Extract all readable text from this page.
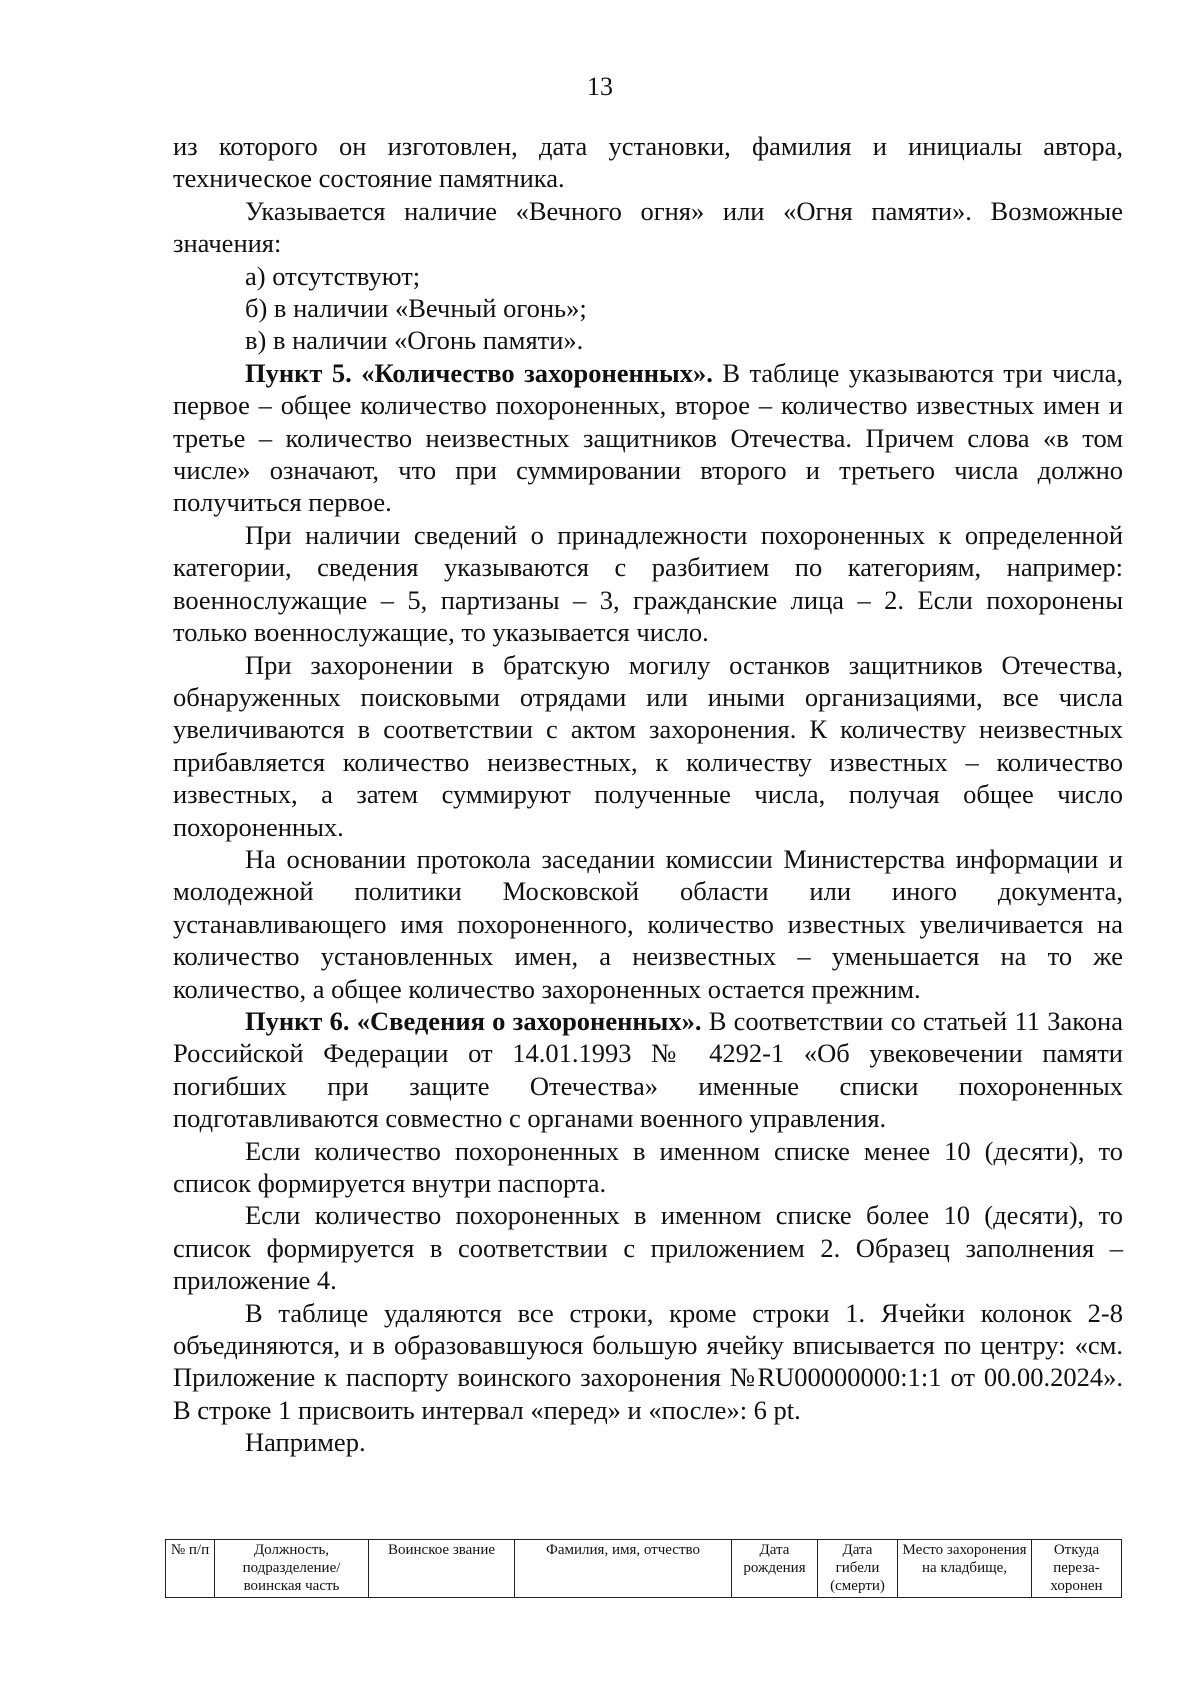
13

из которого он изготовлен, дата установки, фамилия и инициалы автора, техническое состояние памятника.

Указывается наличие «Вечного огня» или «Огня памяти». Возможные значения:

а) отсутствуют;

б) в наличии «Вечный огонь»;

в) в наличии «Огонь памяти».

Пункт 5. «Количество захороненных». В таблице указываются три числа, первое – общее количество похороненных, второе – количество известных имен и третье – количество неизвестных защитников Отечества. Причем слова «в том числе» означают, что при суммировании второго и третьего числа должно получиться первое.

При наличии сведений о принадлежности похороненных к определенной категории, сведения указываются с разбитием по категориям, например: военнослужащие – 5, партизаны – 3, гражданские лица – 2. Если похоронены только военнослужащие, то указывается число.

При захоронении в братскую могилу останков защитников Отечества, обнаруженных поисковыми отрядами или иными организациями, все числа увеличиваются в соответствии с актом захоронения. К количеству неизвестных прибавляется количество неизвестных, к количеству известных – количество известных, а затем суммируют полученные числа, получая общее число похороненных.

На основании протокола заседании комиссии Министерства информации и молодежной политики Московской области или иного документа, устанавливающего имя похороненного, количество известных увеличивается на количество установленных имен, а неизвестных – уменьшается на то же количество, а общее количество захороненных остается прежним.

Пункт 6. «Сведения о захороненных». В соответствии со статьей 11 Закона Российской Федерации от 14.01.1993 № 4292-1 «Об увековечении памяти погибших при защите Отечества» именные списки похороненных подготавливаются совместно с органами военного управления.

Если количество похороненных в именном списке менее 10 (десяти), то список формируется внутри паспорта.

Если количество похороненных в именном списке более 10 (десяти), то список формируется в соответствии с приложением 2. Образец заполнения – приложение 4.

В таблице удаляются все строки, кроме строки 1. Ячейки колонок 2-8 объединяются, и в образовавшуюся большую ячейку вписывается по центру: «см. Приложение к паспорту воинского захоронения №RU00000000:1:1 от 00.00.2024». В строке 1 присвоить интервал «перед» и «после»: 6 pt.

Например.

№ п/п	Должность, подразделение/ воинская часть	Воинское звание	Фамилия, имя, отчество	Дата рождения	Дата гибели (смерти)	Место захоронения на кладбище,	Откуда переза-хоронен
